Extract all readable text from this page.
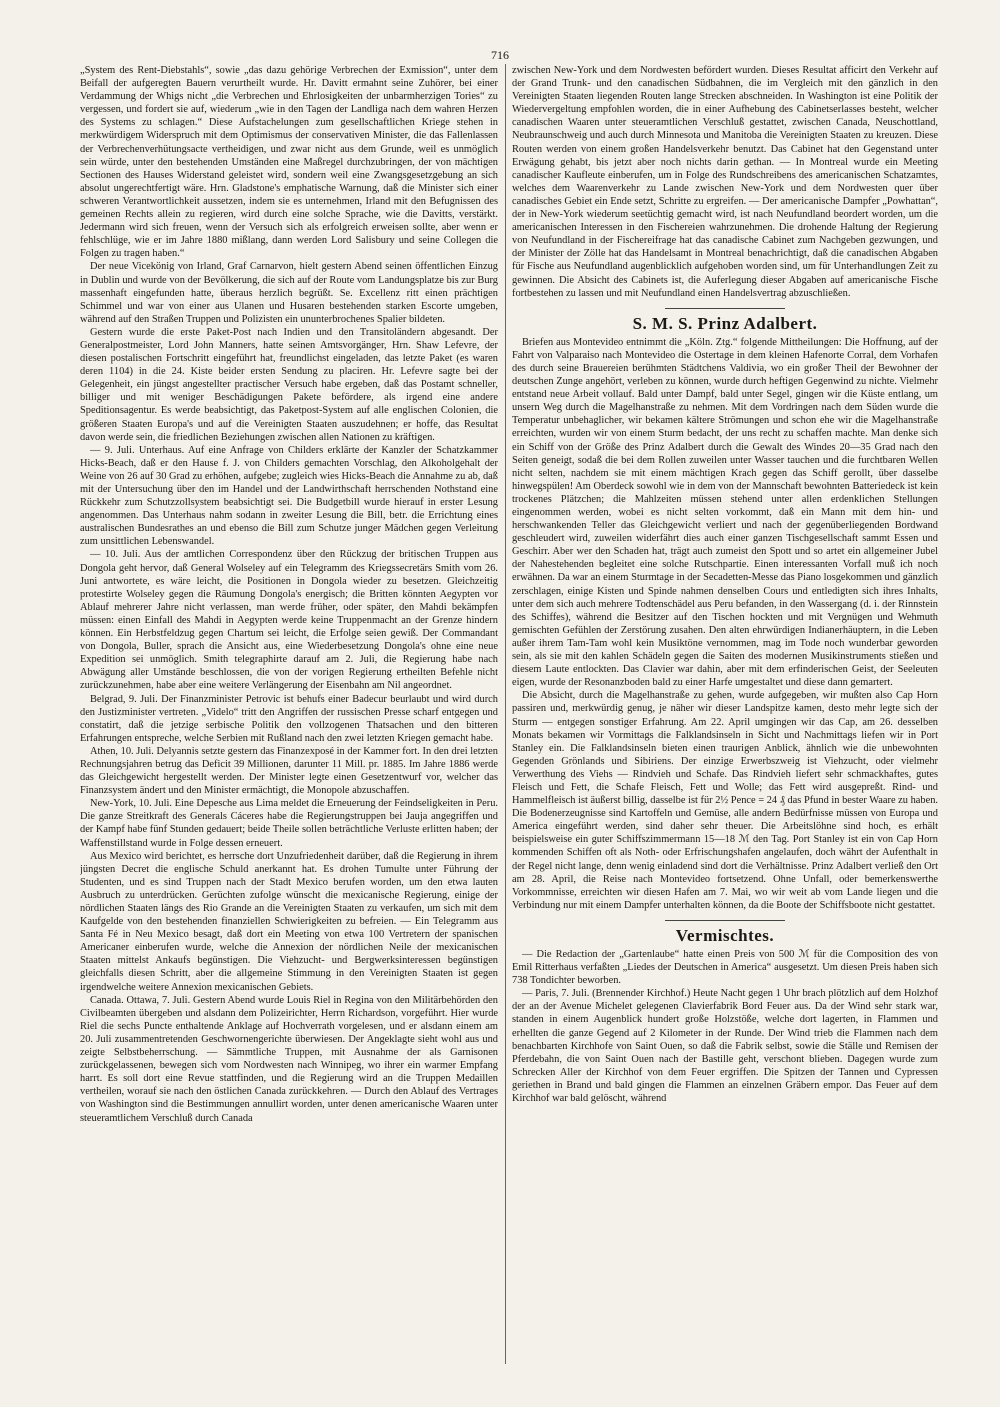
716

„System des Rent-Diebstahls“, sowie „das dazu gehörige Verbrechen der Exmission“, unter dem Beifall der aufgeregten Bauern verurtheilt wurde. Hr. Davitt ermahnt seine Zuhörer, bei einer Verdammung der Whigs nicht „die Verbrechen und Ehrlosigkeiten der unbarmherzigen Tories“ zu vergessen, und fordert sie auf, wiederum „wie in den Tagen der Landliga nach dem wahren Herzen des Systems zu schlagen.“ Diese Aufstachelungen zum gesellschaftlichen Kriege stehen in merkwürdigem Widerspruch mit dem Optimismus der conservativen Minister, die das Fallenlassen der Verbrechenverhütungsacte vertheidigen, und zwar nicht aus dem Grunde, weil es unmöglich sein würde, unter den bestehenden Umständen eine Maßregel durchzubringen, der von mächtigen Sectionen des Hauses Widerstand geleistet wird, sondern weil eine Zwangsgesetzgebung an sich absolut ungerechtfertigt wäre. Hrn. Gladstone's emphatische Warnung, daß die Minister sich einer schweren Verantwortlichkeit aussetzen, indem sie es unternehmen, Irland mit den Befugnissen des gemeinen Rechts allein zu regieren, wird durch eine solche Sprache, wie die Davitts, verstärkt. Jedermann wird sich freuen, wenn der Versuch sich als erfolgreich erweisen sollte, aber wenn er fehlschlüge, wie er im Jahre 1880 mißlang, dann werden Lord Salisbury und seine Collegen die Folgen zu tragen haben.“

Der neue Vicekönig von Irland, Graf Carnarvon, hielt gestern Abend seinen öffentlichen Einzug in Dublin und wurde von der Bevölkerung, die sich auf der Route vom Landungsplatze bis zur Burg massenhaft eingefunden hatte, überaus herzlich begrüßt. Se. Excellenz ritt einen prächtigen Schimmel und war von einer aus Ulanen und Husaren bestehenden starken Escorte umgeben, während auf den Straßen Truppen und Polizisten ein ununterbrochenes Spalier bildeten.

Gestern wurde die erste Paket-Post nach Indien und den Transitoländern abgesandt. Der Generalpostmeister, Lord John Manners, hatte seinen Amtsvorgänger, Hrn. Shaw Lefevre, der diesen postalischen Fortschritt eingeführt hat, freundlichst eingeladen, das letzte Paket (es waren deren 1104) in die 24. Kiste beider ersten Sendung zu placiren. Hr. Lefevre sagte bei der Gelegenheit, ein jüngst angestellter practischer Versuch habe ergeben, daß das Postamt schneller, billiger und mit weniger Beschädigungen Pakete befördere, als irgend eine andere Speditionsagentur. Es werde beabsichtigt, das Paketpost-System auf alle englischen Colonien, die größeren Staaten Europa's und auf die Vereinigten Staaten auszudehnen; er hoffe, das Resultat davon werde sein, die friedlichen Beziehungen zwischen allen Nationen zu kräftigen.

— 9. Juli. Unterhaus. Auf eine Anfrage von Childers erklärte der Kanzler der Schatzkammer Hicks-Beach, daß er den Hause f. J. von Childers gemachten Vorschlag, den Alkoholgehalt der Weine von 26 auf 30 Grad zu erhöhen, aufgebe; zugleich wies Hicks-Beach die Annahme zu ab, daß mit der Untersuchung über den im Handel und der Landwirthschaft herrschenden Nothstand eine Rückkehr zum Schutzzollsystem beabsichtigt sei. Die Budgetbill wurde hierauf in erster Lesung angenommen. Das Unterhaus nahm sodann in zweiter Lesung die Bill, betr. die Errichtung eines australischen Bundesrathes an und ebenso die Bill zum Schutze junger Mädchen gegen Verleitung zum unsittlichen Lebenswandel.

— 10. Juli. Aus der amtlichen Correspondenz über den Rückzug der britischen Truppen aus Dongola geht hervor, daß General Wolseley auf ein Telegramm des Kriegssecretärs Smith vom 26. Juni antwortete, es wäre leicht, die Positionen in Dongola wieder zu besetzen. Gleichzeitig protestirte Wolseley gegen die Räumung Dongola's energisch; die Britten könnten Aegypten vor Ablauf mehrerer Jahre nicht verlassen, man werde früher, oder später, den Mahdi bekämpfen müssen: einen Einfall des Mahdi in Aegypten werde keine Truppenmacht an der Grenze hindern können. Ein Herbstfeldzug gegen Chartum sei leicht, die Erfolge seien gewiß. Der Commandant von Dongola, Buller, sprach die Ansicht aus, eine Wiederbesetzung Dongola's ohne eine neue Expedition sei unmöglich. Smith telegraphirte darauf am 2. Juli, die Regierung habe nach Abwägung aller Umstände beschlossen, die von der vorigen Regierung ertheilten Befehle nicht zurückzunehmen, habe aber eine weitere Verlängerung der Eisenbahn am Nil angeordnet.

Belgrad, 9. Juli. Der Finanzminister Petrovic ist behufs einer Badecur beurlaubt und wird durch den Justizminister vertreten. „Videlo“ tritt den Angriffen der russischen Presse scharf entgegen und constatirt, daß die jetzige serbische Politik den vollzogenen Thatsachen und den bitteren Erfahrungen entspreche, welche Serbien mit Rußland nach den zwei letzten Kriegen gemacht habe.

Athen, 10. Juli. Delyannis setzte gestern das Finanzexposé in der Kammer fort. In den drei letzten Rechnungsjahren betrug das Deficit 39 Millionen, darunter 11 Mill. pr. 1885. Im Jahre 1886 werde das Gleichgewicht hergestellt werden. Der Minister legte einen Gesetzentwurf vor, welcher das Finanzsystem ändert und den Minister ermächtigt, die Monopole abzuschaffen.

New-York, 10. Juli. Eine Depesche aus Lima meldet die Erneuerung der Feindseligkeiten in Peru. Die ganze Streitkraft des Generals Cáceres habe die Regierungstruppen bei Jauja angegriffen und der Kampf habe fünf Stunden gedauert; beide Theile sollen beträchtliche Verluste erlitten haben; der Waffenstillstand wurde in Folge dessen erneuert.

Aus Mexico wird berichtet, es herrsche dort Unzufriedenheit darüber, daß die Regierung in ihrem jüngsten Decret die englische Schuld anerkannt hat. Es drohen Tumulte unter Führung der Studenten, und es sind Truppen nach der Stadt Mexico berufen worden, um den etwa lauten Ausbruch zu unterdrücken. Gerüchten zufolge wünscht die mexicanische Regierung, einige der nördlichen Staaten längs des Rio Grande an die Vereinigten Staaten zu verkaufen, um sich mit dem Kaufgelde von den bestehenden finanziellen Schwierigkeiten zu befreien. — Ein Telegramm aus Santa Fé in Neu Mexico besagt, daß dort ein Meeting von etwa 100 Vertretern der spanischen Americaner einberufen wurde, welche die Annexion der nördlichen Neile der mexicanischen Staaten mittelst Ankaufs begünstigen. Die Viehzucht- und Bergwerksinteressen begünstigen gleichfalls diesen Schritt, aber die allgemeine Stimmung in den Vereinigten Staaten ist gegen irgendwelche weitere Annexion mexicanischen Gebiets.

Canada. Ottawa, 7. Juli. Gestern Abend wurde Louis Riel in Regina von den Militärbehörden den Civilbeamten übergeben und alsdann dem Polizeirichter, Herrn Richardson, vorgeführt. Hier wurde Riel die sechs Puncte enthaltende Anklage auf Hochverrath vorgelesen, und er alsdann einem am 20. Juli zusammentretenden Geschwornengerichte überwiesen. Der Angeklagte sieht wohl aus und zeigte Selbstbeherrschung. — Sämmtliche Truppen, mit Ausnahme der als Garnisonen zurückgelassenen, bewegen sich vom Nordwesten nach Winnipeg, wo ihrer ein warmer Empfang harrt. Es soll dort eine Revue stattfinden, und die Regierung wird an die Truppen Medaillen vertheilen, worauf sie nach den östlichen Canada zurückkehren. — Durch den Ablauf des Vertrages von Washington sind die Bestimmungen annullirt worden, unter denen americanische Waaren unter steueramtlichem Verschluß durch Canada

zwischen New-York und dem Nordwesten befördert wurden. Dieses Resultat afficirt den Verkehr auf der Grand Trunk- und den canadischen Südbahnen, die im Vergleich mit den gänzlich in den Vereinigten Staaten liegenden Routen lange Strecken abschneiden. In Washington ist eine Politik der Wiedervergeltung empfohlen worden, die in einer Aufhebung des Cabinetserlasses besteht, welcher canadischen Waaren unter steueramtlichen Verschluß gestattet, zwischen Canada, Neuschottland, Neubraunschweig und auch durch Minnesota und Manitoba die Vereinigten Staaten zu kreuzen. Diese Routen werden von einem großen Handelsverkehr benutzt. Das Cabinet hat den Gegenstand unter Erwägung gehabt, bis jetzt aber noch nichts darin gethan. — In Montreal wurde ein Meeting canadischer Kaufleute einberufen, um in Folge des Rundschreibens des americanischen Schatzamtes, welches dem Waarenverkehr zu Lande zwischen New-York und dem Nordwesten quer über canadisches Gebiet ein Ende setzt, Schritte zu ergreifen. — Der americanische Dampfer „Powhattan“, der in New-York wiederum seetüchtig gemacht wird, ist nach Neufundland beordert worden, um die americanischen Interessen in den Fischereien wahrzunehmen. Die drohende Haltung der Regierung von Neufundland in der Fischereifrage hat das canadische Cabinet zum Nachgeben gezwungen, und der Minister der Zölle hat das Handelsamt in Montreal benachrichtigt, daß die canadischen Abgaben für Fische aus Neufundland augenblicklich aufgehoben worden sind, um für Unterhandlungen Zeit zu gewinnen. Die Absicht des Cabinets ist, die Auferlegung dieser Abgaben auf americanische Fische fortbestehen zu lassen und mit Neufundland einen Handelsvertrag abzuschließen.

S. M. S. Prinz Adalbert.

Briefen aus Montevideo entnimmt die „Köln. Ztg.“ folgende Mittheilungen: Die Hoffnung, auf der Fahrt von Valparaiso nach Montevideo die Ostertage in dem kleinen Hafenorte Corral, dem Vorhafen des durch seine Brauereien berühmten Städtchens Valdivia, wo ein großer Theil der Bewohner der deutschen Zunge angehört, verleben zu können, wurde durch heftigen Gegenwind zu nichte. Vielmehr entstand neue Arbeit vollauf. Bald unter Dampf, bald unter Segel, gingen wir die Küste entlang, um unsern Weg durch die Magelhanstraße zu nehmen. Mit dem Vordringen nach dem Süden wurde die Temperatur unbehaglicher, wir bekamen kältere Strömungen und schon ehe wir die Magelhanstraße erreichten, wurden wir von einem Sturm bedacht, der uns recht zu schaffen machte. Man denke sich ein Schiff von der Größe des Prinz Adalbert durch die Gewalt des Windes 20—35 Grad nach den Seiten geneigt, sodaß die bei dem Rollen zuweilen unter Wasser tauchen und die furchtbaren Wellen nicht selten, nachdem sie mit einem mächtigen Krach gegen das Schiff gerollt, über dasselbe hinwegspülen! Am Oberdeck sowohl wie in dem von der Mannschaft bewohnten Batteriedeck ist kein trockenes Plätzchen; die Mahlzeiten müssen stehend unter allen erdenklichen Stellungen eingenommen werden, wobei es nicht selten vorkommt, daß ein Mann mit dem hin- und herschwankenden Teller das Gleichgewicht verliert und nach der gegenüberliegenden Bordwand geschleudert wird, zuweilen widerfährt dies auch einer ganzen Tischgesellschaft sammt Essen und Geschirr. Aber wer den Schaden hat, trägt auch zumeist den Spott und so artet ein allgemeiner Jubel der Nahestehenden begleitet eine solche Rutschpartie. Einen interessanten Vorfall muß ich noch erwähnen. Da war an einem Sturmtage in der Secadetten-Messe das Piano losgekommen und gänzlich zerschlagen, einige Kisten und Spinde nahmen denselben Cours und entledigten sich ihres Inhalts, unter dem sich auch mehrere Todtenschädel aus Peru befanden, in den Wassergang (d. i. der Rinnstein des Schiffes), während die Besitzer auf den Tischen hockten und mit Vergnügen und Wehmuth gemischten Gefühlen der Zerstörung zusahen. Den alten ehrwürdigen Indianerhäuptern, in die Leben außer ihrem Tam-Tam wohl kein Musiktöne vernommen, mag im Tode noch wunderbar geworden sein, als sie mit den kahlen Schädeln gegen die Saiten des modernen Musikinstruments stießen und diesem Laute entlockten. Das Clavier war dahin, aber mit dem erfinderischen Geist, der Seeleuten eigen, wurde der Resonanzboden bald zu einer Harfe umgestaltet und diese dann gemartert.

Die Absicht, durch die Magelhanstraße zu gehen, wurde aufgegeben, wir mußten also Cap Horn passiren und, merkwürdig genug, je näher wir dieser Landspitze kamen, desto mehr legte sich der Sturm — entgegen sonstiger Erfahrung. Am 22. April umgingen wir das Cap, am 26. desselben Monats bekamen wir Vormittags die Falklandsinseln in Sicht und Nachmittags liefen wir in Port Stanley ein. Die Falklandsinseln bieten einen traurigen Anblick, ähnlich wie die unbewohnten Gegenden Grönlands und Sibiriens. Der einzige Erwerbszweig ist Viehzucht, oder vielmehr Verwerthung des Viehs — Rindvieh und Schafe. Das Rindvieh liefert sehr schmackhaftes, gutes Fleisch und Fett, die Schafe Fleisch, Fett und Wolle; das Fett wird ausgepreßt. Rind- und Hammelfleisch ist äußerst billig, dasselbe ist für 2½ Pence = 24 ₰ das Pfund in bester Waare zu haben. Die Bodenerzeugnisse sind Kartoffeln und Gemüse, alle andern Bedürfnisse müssen von Europa und America eingeführt werden, sind daher sehr theuer. Die Arbeitslöhne sind hoch, es erhält beispielsweise ein guter Schiffszimmermann 15—18 ℳ den Tag. Port Stanley ist ein von Cap Horn kommenden Schiffen oft als Noth- oder Erfrischungshafen angelaufen, doch währt der Aufenthalt in der Regel nicht lange, denn wenig einladend sind dort die Verhältnisse. Prinz Adalbert verließ den Ort am 28. April, die Reise nach Montevideo fortsetzend. Ohne Unfall, oder bemerkenswerthe Vorkommnisse, erreichten wir diesen Hafen am 7. Mai, wo wir weit ab vom Lande liegen und die Verbindung nur mit einem Dampfer unterhalten können, da die Boote der Schiffsboote nicht gestattet.

Vermischtes.

— Die Redaction der „Gartenlaube“ hatte einen Preis von 500 ℳ für die Composition des von Emil Ritterhaus verfaßten „Liedes der Deutschen in America“ ausgesetzt. Um diesen Preis haben sich 738 Tondichter beworben.

— Paris, 7. Juli. (Brennender Kirchhof.) Heute Nacht gegen 1 Uhr brach plötzlich auf dem Holzhof der an der Avenue Michelet gelegenen Clavierfabrik Bord Feuer aus. Da der Wind sehr stark war, standen in einem Augenblick hundert große Holzstöße, welche dort lagerten, in Flammen und erhellten die ganze Gegend auf 2 Kilometer in der Runde. Der Wind trieb die Flammen nach dem benachbarten Kirchhofe von Saint Ouen, so daß die Fabrik selbst, sowie die Ställe und Remisen der Pferdebahn, die von Saint Ouen nach der Bastille geht, verschont blieben. Dagegen wurde zum Schrecken Aller der Kirchhof von dem Feuer ergriffen. Die Spitzen der Tannen und Cypressen geriethen in Brand und bald gingen die Flammen an einzelnen Gräbern empor. Das Feuer auf dem Kirchhof war bald gelöscht, während
